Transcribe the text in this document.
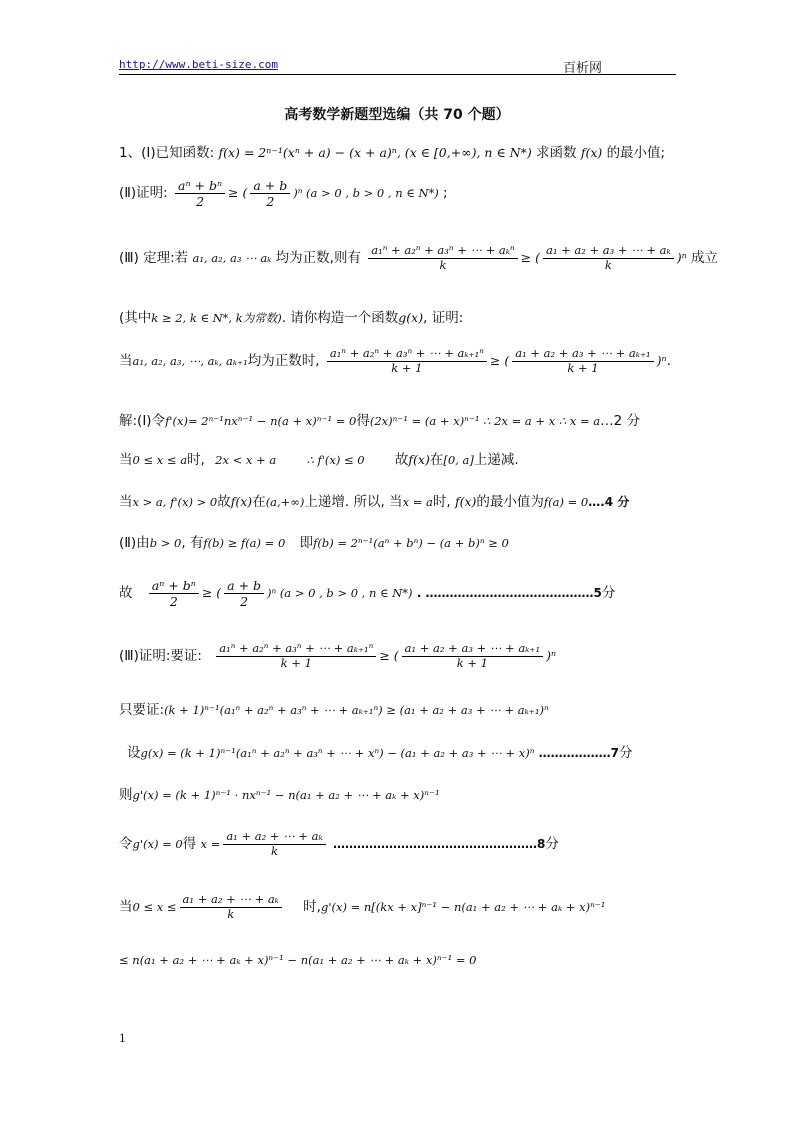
http://www.beti-size.com	百析网
高考数学新题型选编（共 70 个题）
1、(Ⅰ)已知函数: f(x) = 2ⁿ⁻¹(xⁿ + a) − (x + a)ⁿ, (x ∈ [0,+∞), n ∈ N*) 求函数 f(x) 的最小值;
(Ⅱ)证明: $\frac{\text{aⁿ + bⁿ}}{2}$ ≥ ( $\frac{a + b}{2} )^n$ (a > 0 , b > 0 , n ∈ N*) ;
(Ⅲ) 定理:若 a₁, a₂, a₃ ⋯ aₖ 均为正数,则有 $\frac{\text{a₁ⁿ + a₂ⁿ + a₃ⁿ + ⋯ + aₖⁿ}}{k}$ ≥ ( $\frac{\text{a₁ + a₂ + a₃ + ⋯ + aₖ}}{k} )^n$ 成立
(其中k ≥ 2, k ∈ N*, k为常数). 请你构造一个函数g(x), 证明:
当a₁, a₂, a₃, ⋯, aₖ, aₖ₊₁均为正数时, $\frac{\text{a₁ⁿ + a₂ⁿ + a₃ⁿ + ⋯ + aₖ₊₁ⁿ}}{k + 1}$ ≥ ( $\frac{\text{a₁ + a₂ + a₃ + ⋯ + aₖ₊₁}}{k + 1} )^n$.
解:(Ⅰ)令f'(x)= 2ⁿ⁻¹nxⁿ⁻¹ − n(a + x)ⁿ⁻¹ = 0得(2x)ⁿ⁻¹ = (a + x)ⁿ⁻¹ ∴ 2x = a + x ∴ x = a…2 分
当0 ≤ x ≤ a时, 2x < x + a	∴ f'(x) ≤ 0 故f(x)在[0, a]上递减.
当x > a, f'(x) > 0故f(x)在(a,+∞)上递增. 所以, 当x = a时, f(x)的最小值为f(a) = 0….4 分
(Ⅱ)由b > 0, 有f(b) ≥ f(a) = 0 即f(b) = 2ⁿ⁻¹(aⁿ + bⁿ) − (a + b)ⁿ ≥ 0
故 $\frac{\text{aⁿ + bⁿ}}{2}$ ≥ ( $\frac{a + b}{2} )^n$ (a > 0 , b > 0 , n ∈ N*) . ……………………………………5分
(Ⅲ)证明:要证: $\frac{\text{a₁ⁿ + a₂ⁿ + a₃ⁿ + ⋯ + aₖ₊₁ⁿ}}{k + 1}$ ≥ ( $\frac{\text{a₁ + a₂ + a₃ + ⋯ + aₖ₊₁}}{k + 1} )^n$
只要证:(k + 1)ⁿ⁻¹(a₁ⁿ + a₂ⁿ + a₃ⁿ + ⋯ + aₖ₊₁ⁿ) ≥ (a₁ + a₂ + a₃ + ⋯ + aₖ₊₁)ⁿ
设g(x) = (k + 1)ⁿ⁻¹(a₁ⁿ + a₂ⁿ + a₃ⁿ + ⋯ + xⁿ) − (a₁ + a₂ + a₃ + ⋯ + x)ⁿ ………………7分
则g'(x) = (k + 1)ⁿ⁻¹ · nxⁿ⁻¹ − n(a₁ + a₂ + ⋯ + aₖ + x)ⁿ⁻¹
令g'(x) = 0得 $x = \frac{\text{a₁ + a₂ + ⋯ + aₖ}}{k}$ ……………………………………………8分
当$0 \le x \le \frac{\text{a₁ + a₂ + ⋯ + aₖ}}{k}$ 时,g'(x) = n[(kx + x]ⁿ⁻¹ − n(a₁ + a₂ + ⋯ + aₖ + x)ⁿ⁻¹
≤ n(a₁ + a₂ + ⋯ + aₖ + x)ⁿ⁻¹ − n(a₁ + a₂ + ⋯ + aₖ + x)ⁿ⁻¹ = 0
1
